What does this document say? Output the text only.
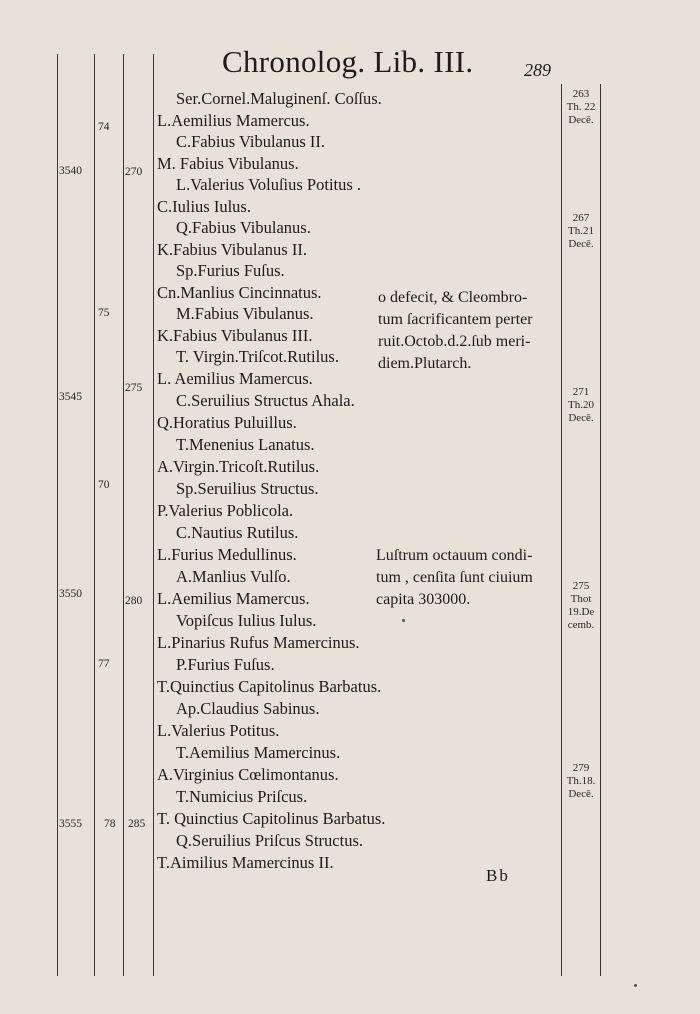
Chronolog. Lib. III.	289
Ser.Cornel.Maluginenſ. Coſſus.
L.Aemilius Mamercus.
C.Fabius Vibulanus II.
M. Fabius Vibulanus.
L.Valerius Voluſius Potitus .
C.Iulius Iulus.
Q.Fabius Vibulanus.
K.Fabius Vibulanus II.
Sp.Furius Fuſus.
Cn.Manlius Cincinnatus.
M.Fabius Vibulanus.
K.Fabius Vibulanus III.
T. Virgin.Triſcot.Rutilus.
L. Aemilius Mamercus.
C.Seruilius Structus Ahala.
Q.Horatius Puluillus.
T.Menenius Lanatus.
A.Virgin.Tricoſt.Rutilus.
Sp.Seruilius Structus.
P.Valerius Poblicola.
C.Nautius Rutilus.
L.Furius Medullinus.
A.Manlius Vulſo.
L.Aemilius Mamercus.
Vopiſcus Iulius Iulus.
L.Pinarius Rufus Mamercinus.
P.Furius Fuſus.
T.Quinctius Capitolinus Barbatus.
Ap.Claudius Sabinus.
L.Valerius Potitus.
T.Aemilius Mamercinus.
A.Virginius Cœlimontanus.
T.Numicius Priſcus.
T. Quinctius Capitolinus Barbatus.
Q.Seruilius Priſcus Structus.
T.Aimilius Mamercinus II.
3540
3545
3550
3555
74
75
70
77
78
270
275
280
285
ο defecit, & Cleombro-
tum ſacrificantem perter
ruit.Octob.d.2.ſub meri-
diem.Plutarch.
Luſtrum octauum condi-
tum , cenſita ſunt ciuium
capita 303000.
263
Th. 22
Decē.
267
Th.21
Decē.
271
Th.20
Decē.
275
Thot
19.De
cemb.
279
Th.18.
Decē.
Bb
